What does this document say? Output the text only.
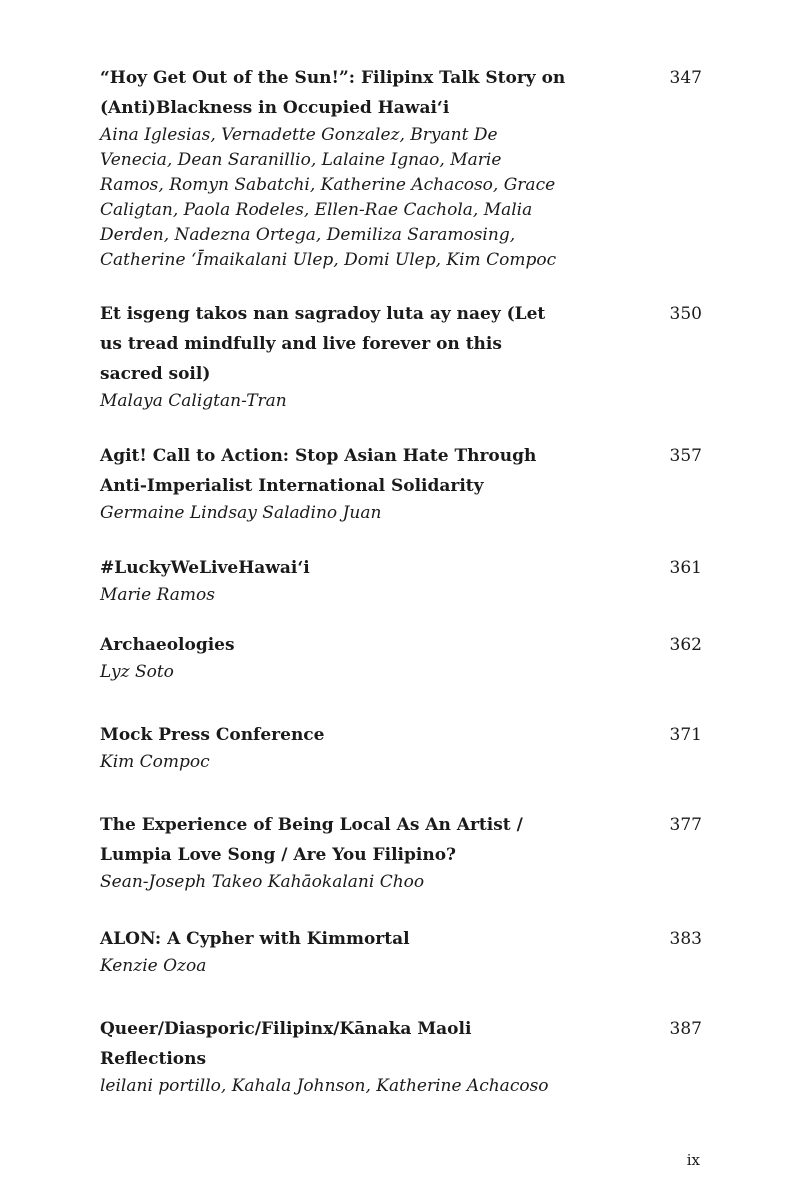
“Hoy Get Out of the Sun!”: Filipinx Talk Story on (Anti)Blackness in Occupied Hawai‘i
Aina Iglesias, Vernadette Gonzalez, Bryant De Venecia, Dean Saranillio, Lalaine Ignao, Marie Ramos, Romyn Sabatchi, Katherine Achacoso, Grace Caligtan, Paola Rodeles, Ellen-Rae Cachola, Malia Derden, Nadezna Ortega, Demiliza Saramosing, Catherine ‘Īmaikalani Ulep, Domi Ulep, Kim Compoc
347
Et isgeng takos nan sagradoy luta ay naey (Let us tread mindfully and live forever on this sacred soil)
Malaya Caligtan-Tran
350
Agit! Call to Action: Stop Asian Hate Through Anti-Imperialist International Solidarity
Germaine Lindsay Saladino Juan
357
#LuckyWeLiveHawai‘i
Marie Ramos
361
Archaeologies
Lyz Soto
362
Mock Press Conference
Kim Compoc
371
The Experience of Being Local As An Artist / Lumpia Love Song / Are You Filipino?
Sean-Joseph Takeo Kahāokalani Choo
377
ALON: A Cypher with Kimmortal
Kenzie Ozoa
383
Queer/Diasporic/Filipinx/Kānaka Maoli Reflections
leilani portillo, Kahala Johnson, Katherine Achacoso
387
ix
